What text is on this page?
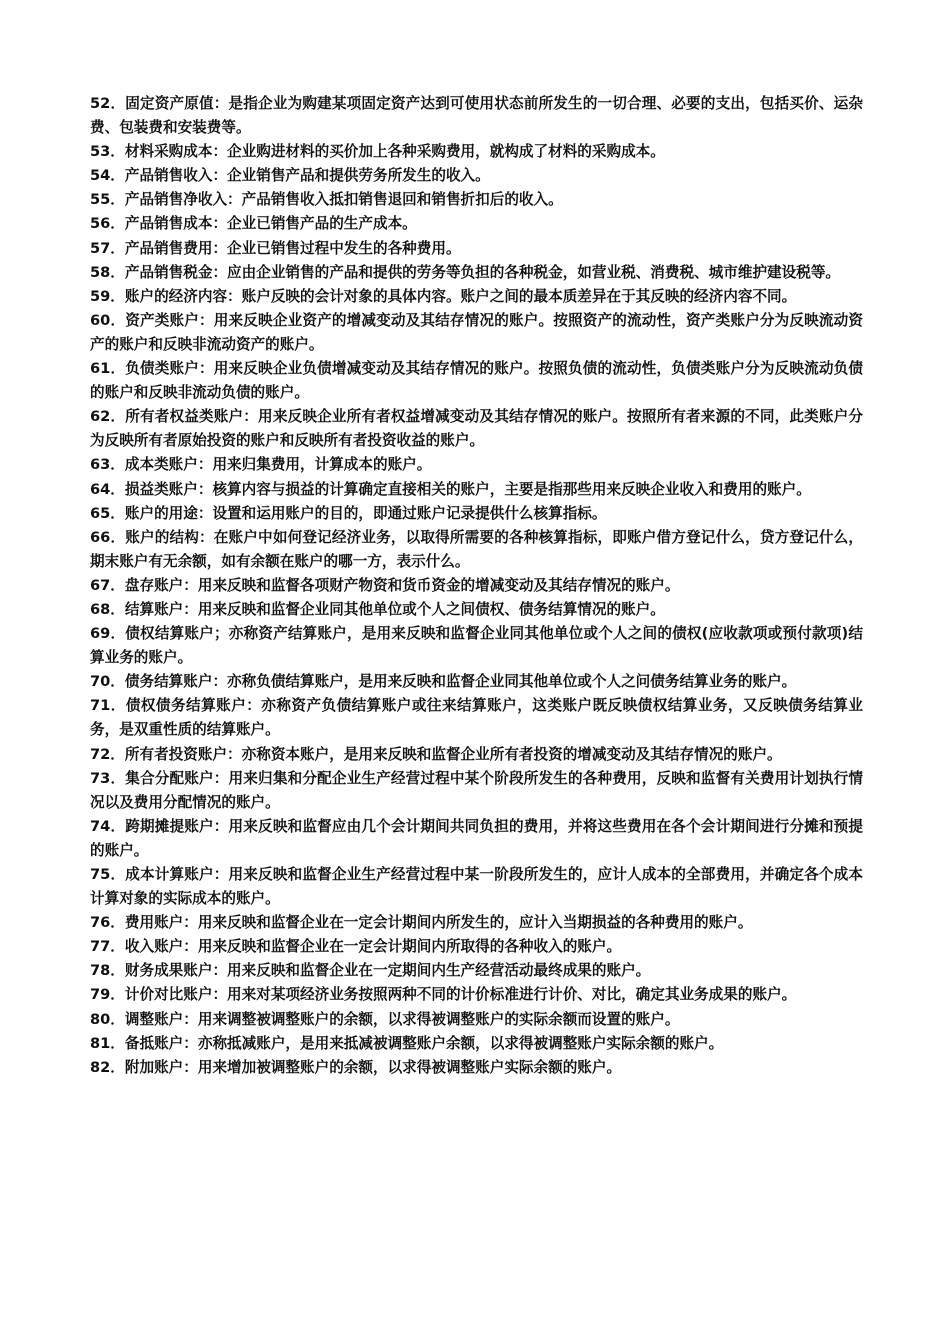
52．固定资产原值：是指企业为购建某项固定资产达到可使用状态前所发生的一切合理、必要的支出，包括买价、运杂费、包装费和安装费等。

53．材料采购成本：企业购进材料的买价加上各种采购费用，就构成了材料的采购成本。

54．产品销售收入：企业销售产品和提供劳务所发生的收入。

55．产品销售净收入：产品销售收入抵扣销售退回和销售折扣后的收入。

56．产品销售成本：企业已销售产品的生产成本。

57．产品销售费用：企业已销售过程中发生的各种费用。

58．产品销售税金：应由企业销售的产品和提供的劳务等负担的各种税金，如营业税、消费税、城市维护建设税等。

59．账户的经济内容：账户反映的会计对象的具体内容。账户之间的最本质差异在于其反映的经济内容不同。

60．资产类账户：用来反映企业资产的增减变动及其结存情况的账户。按照资产的流动性，资产类账户分为反映流动资产的账户和反映非流动资产的账户。

61．负债类账户：用来反映企业负债增减变动及其结存情况的账户。按照负债的流动性，负债类账户分为反映流动负债的账户和反映非流动负债的账户。

62．所有者权益类账户：用来反映企业所有者权益增减变动及其结存情况的账户。按照所有者来源的不同，此类账户分为反映所有者原始投资的账户和反映所有者投资收益的账户。

63．成本类账户：用来归集费用，计算成本的账户。

64．损益类账户：核算内容与损益的计算确定直接相关的账户，主要是指那些用来反映企业收入和费用的账户。

65．账户的用途：设置和运用账户的目的，即通过账户记录提供什么核算指标。

66．账户的结构：在账户中如何登记经济业务，以取得所需要的各种核算指标，即账户借方登记什么，贷方登记什么，期末账户有无余额，如有余额在账户的哪一方，表示什么。

67．盘存账户：用来反映和监督各项财产物资和货币资金的增减变动及其结存情况的账户。

68．结算账户：用来反映和监督企业同其他单位或个人之间债权、债务结算情况的账户。

69．债权结算账户；亦称资产结算账户，是用来反映和监督企业同其他单位或个人之间的债权(应收款项或预付款项)结算业务的账户。

70．债务结算账户：亦称负债结算账户，是用来反映和监督企业同其他单位或个人之问债务结算业务的账户。

71．债权债务结算账户：亦称资产负债结算账户或往来结算账户，这类账户既反映债权结算业务，又反映债务结算业务，是双重性质的结算账户。

72．所有者投资账户：亦称资本账户，是用来反映和监督企业所有者投资的增减变动及其结存情况的账户。

73．集合分配账户：用来归集和分配企业生产经营过程中某个阶段所发生的各种费用，反映和监督有关费用计划执行情况以及费用分配情况的账户。

74．跨期摊提账户：用来反映和监督应由几个会计期间共同负担的费用，并将这些费用在各个会计期间进行分摊和预提的账户。

75．成本计算账户：用来反映和监督企业生产经营过程中某一阶段所发生的，应计人成本的全部费用，并确定各个成本计算对象的实际成本的账户。

76．费用账户：用来反映和监督企业在一定会计期间内所发生的，应计入当期损益的各种费用的账户。

77．收入账户：用来反映和监督企业在一定会计期间内所取得的各种收入的账户。

78．财务成果账户：用来反映和监督企业在一定期间内生产经营活动最终成果的账户。

79．计价对比账户：用来对某项经济业务按照两种不同的计价标准进行计价、对比，确定其业务成果的账户。

80．调整账户：用来调整被调整账户的余额，以求得被调整账户的实际余额而设置的账户。

81．备抵账户：亦称抵减账户，是用来抵减被调整账户余额，以求得被调整账户实际余额的账户。

82．附加账户：用来增加被调整账户的余额，以求得被调整账户实际余额的账户。
